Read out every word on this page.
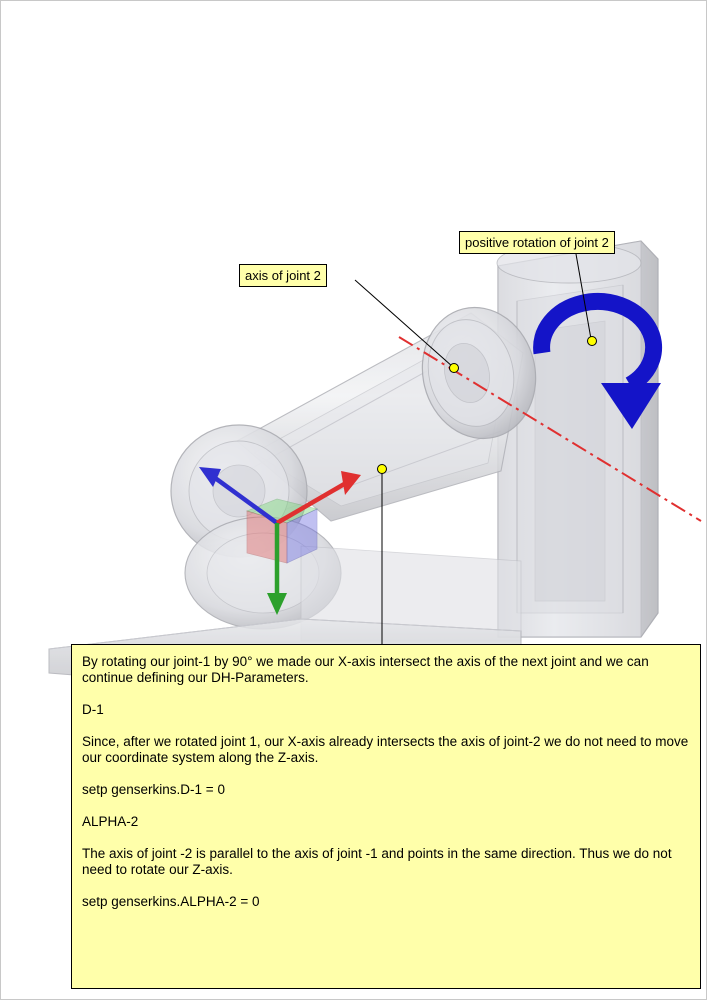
axis of joint 2
positive rotation of joint 2

By rotating our joint-1 by 90° we made our X-axis intersect the axis of the next joint and we can continue defining our DH-Parameters.

D-1

Since, after we rotated joint 1, our X-axis already intersects the axis of joint-2 we do not need to move our coordinate system along the Z-axis.

setp genserkins.D-1 = 0

ALPHA-2

The axis of joint -2 is parallel to the axis of joint -1 and points in the same direction. Thus we do not need to rotate our Z-axis.

setp genserkins.ALPHA-2 = 0
